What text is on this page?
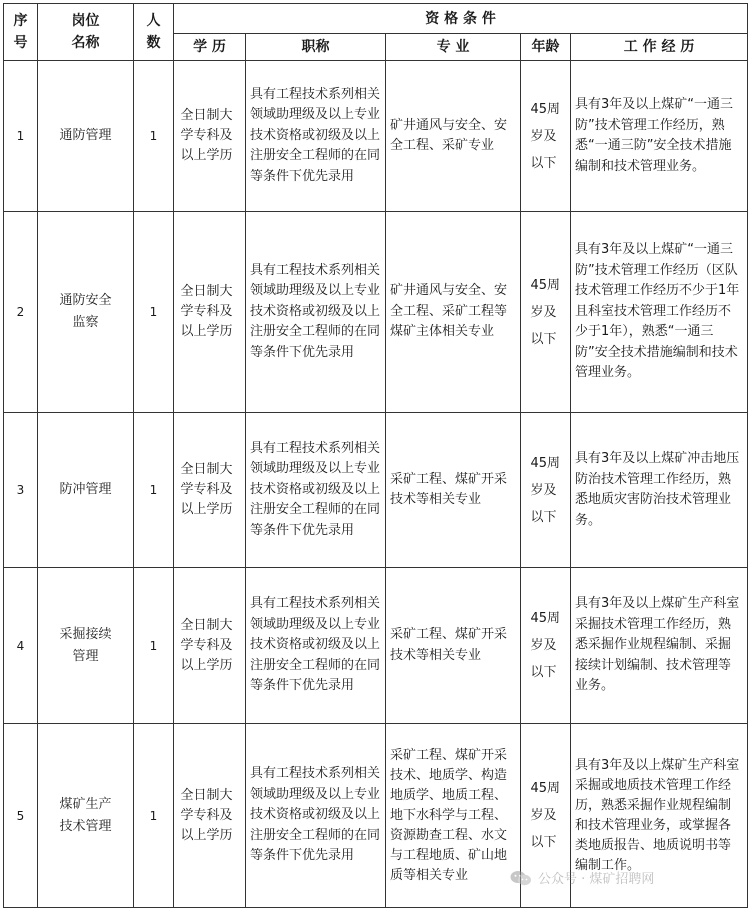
序号	岗位名称	人数	资 格 条 件				
			学 历	职称	专 业	年龄	工 作 经 历
1	通防管理	1	全日制大学专科及以上学历	具有工程技术系列相关领域助理级及以上专业技术资格或初级及以上注册安全工程师的在同等条件下优先录用	矿井通风与安全、安全工程、采矿专业	45周岁及以下	具有3年及以上煤矿“一通三防”技术管理工作经历，熟悉“一通三防”安全技术措施编制和技术管理业务。
2	通防安全监察	1	全日制大学专科及以上学历	具有工程技术系列相关领域助理级及以上专业技术资格或初级及以上注册安全工程师的在同等条件下优先录用	矿井通风与安全、安全工程、采矿工程等煤矿主体相关专业	45周岁及以下	具有3年及以上煤矿“一通三防”技术管理工作经历（区队技术管理工作经历不少于1年且科室技术管理工作经历不少于1年），熟悉“一通三防”安全技术措施编制和技术管理业务。
3	防冲管理	1	全日制大学专科及以上学历	具有工程技术系列相关领域助理级及以上专业技术资格或初级及以上注册安全工程师的在同等条件下优先录用	采矿工程、煤矿开采技术等相关专业	45周岁及以下	具有3年及以上煤矿冲击地压防治技术管理工作经历，熟悉地质灾害防治技术管理业务。
4	采掘接续管理	1	全日制大学专科及以上学历	具有工程技术系列相关领域助理级及以上专业技术资格或初级及以上注册安全工程师的在同等条件下优先录用	采矿工程、煤矿开采技术等相关专业	45周岁及以下	具有3年及以上煤矿生产科室采掘技术管理工作经历，熟悉采掘作业规程编制、采掘接续计划编制、技术管理等业务。
5	煤矿生产技术管理	1	全日制大学专科及以上学历	具有工程技术系列相关领域助理级及以上专业技术资格或初级及以上注册安全工程师的在同等条件下优先录用	采矿工程、煤矿开采技术、地质学、构造地质学、地质工程、地下水科学与工程、资源勘查工程、水文与工程地质、矿山地质等相关专业	45周岁及以下	具有3年及以上煤矿生产科室采掘或地质技术管理工作经历，熟悉采掘作业规程编制和技术管理业务，或掌握各类地质报告、地质说明书等编制工作。
公众号 · 煤矿招聘网
